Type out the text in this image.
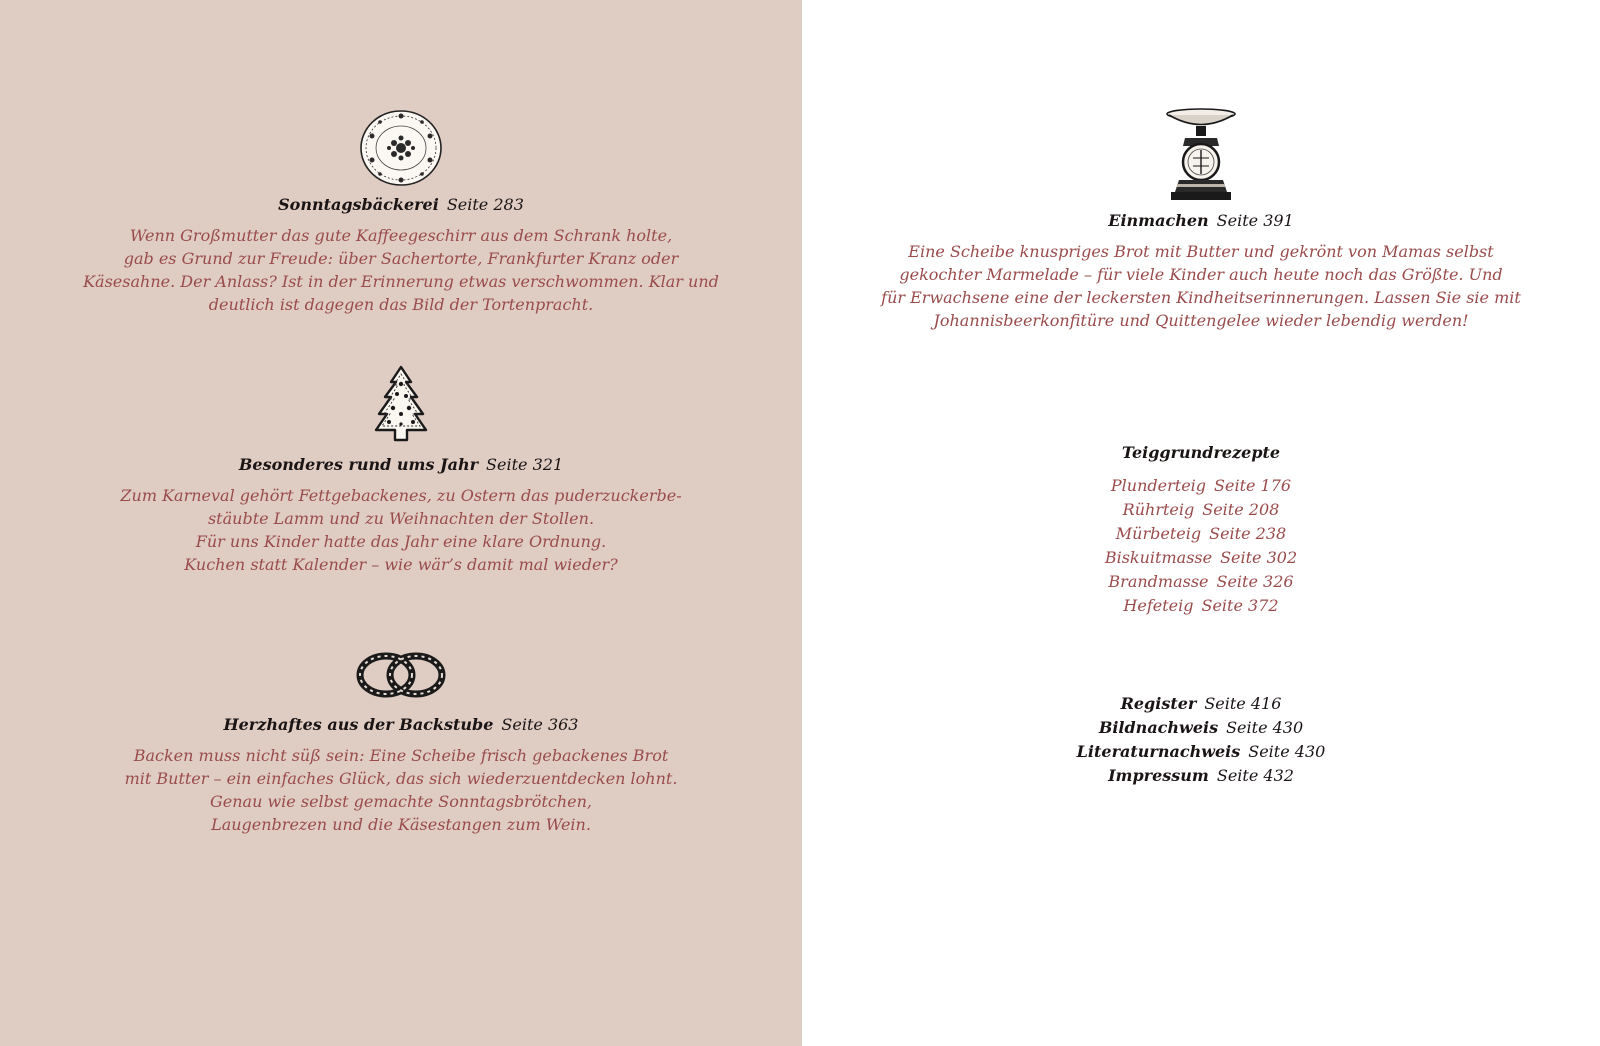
Sonntagsbäckerei Seite 283
Wenn Großmutter das gute Kaffeegeschirr aus dem Schrank holte,
gab es Grund zur Freude: über Sachertorte, Frankfurter Kranz oder
Käsesahne. Der Anlass? Ist in der Erinnerung etwas verschwommen. Klar und
deutlich ist dagegen das Bild der Tortenpracht.
Besonderes rund ums Jahr Seite 321
Zum Karneval gehört Fettgebackenes, zu Ostern das puderzuckerbe-
stäubte Lamm und zu Weihnachten der Stollen.
Für uns Kinder hatte das Jahr eine klare Ordnung.
Kuchen statt Kalender – wie wär’s damit mal wieder?
Herzhaftes aus der Backstube Seite 363
Backen muss nicht süß sein: Eine Scheibe frisch gebackenes Brot
mit Butter – ein einfaches Glück, das sich wiederzuentdecken lohnt.
Genau wie selbst gemachte Sonntagsbrötchen,
Laugenbrezen und die Käsestangen zum Wein.
Einmachen Seite 391
Eine Scheibe knuspriges Brot mit Butter und gekrönt von Mamas selbst
gekochter Marmelade – für viele Kinder auch heute noch das Größte. Und
für Erwachsene eine der leckersten Kindheitserinnerungen. Lassen Sie sie mit
Johannisbeerkonfitüre und Quittengelee wieder lebendig werden!
Teiggrundrezepte
Plunderteig Seite 176
Rührteig Seite 208
Mürbeteig Seite 238
Biskuitmasse Seite 302
Brandmasse Seite 326
Hefeteig Seite 372
Register Seite 416
Bildnachweis Seite 430
Literaturnachweis Seite 430
Impressum Seite 432
